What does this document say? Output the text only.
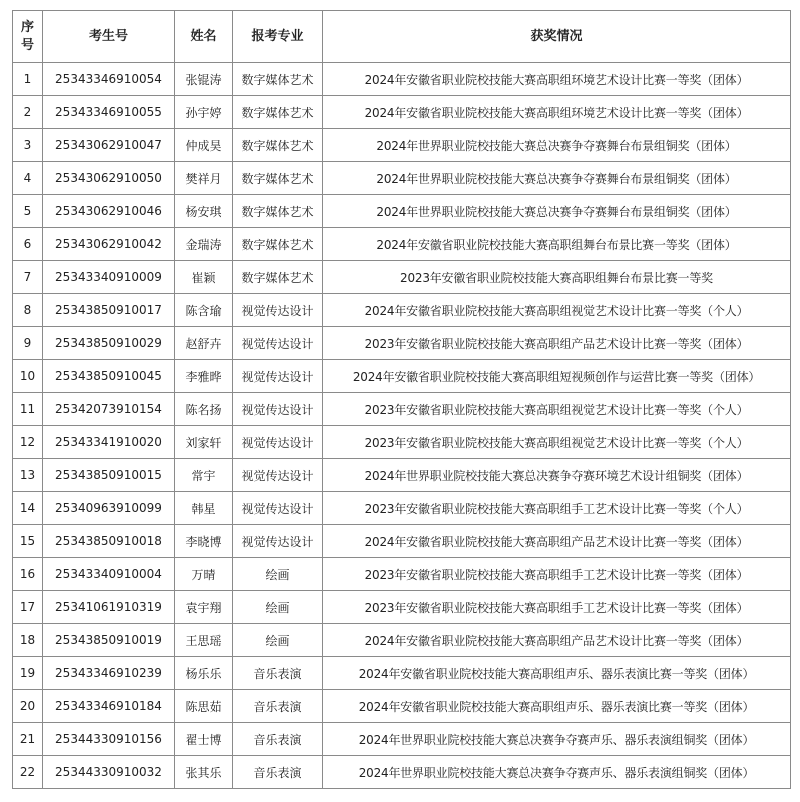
序
号	考生号	姓名	报考专业	获奖情况
1	25343346910054	张锟涛	数字媒体艺术	2024年安徽省职业院校技能大赛高职组环境艺术设计比赛一等奖（团体）
2	25343346910055	孙宇婷	数字媒体艺术	2024年安徽省职业院校技能大赛高职组环境艺术设计比赛一等奖（团体）
3	25343062910047	仲成昊	数字媒体艺术	2024年世界职业院校技能大赛总决赛争夺赛舞台布景组铜奖（团体）
4	25343062910050	樊祥月	数字媒体艺术	2024年世界职业院校技能大赛总决赛争夺赛舞台布景组铜奖（团体）
5	25343062910046	杨安琪	数字媒体艺术	2024年世界职业院校技能大赛总决赛争夺赛舞台布景组铜奖（团体）
6	25343062910042	金瑞涛	数字媒体艺术	2024年安徽省职业院校技能大赛高职组舞台布景比赛一等奖（团体）
7	25343340910009	崔颖	数字媒体艺术	2023年安徽省职业院校技能大赛高职组舞台布景比赛一等奖
8	25343850910017	陈含瑜	视觉传达设计	2024年安徽省职业院校技能大赛高职组视觉艺术设计比赛一等奖（个人）
9	25343850910029	赵舒卉	视觉传达设计	2023年安徽省职业院校技能大赛高职组产品艺术设计比赛一等奖（团体）
10	25343850910045	李雅晔	视觉传达设计	2024年安徽省职业院校技能大赛高职组短视频创作与运营比赛一等奖（团体）
11	25342073910154	陈名扬	视觉传达设计	2023年安徽省职业院校技能大赛高职组视觉艺术设计比赛一等奖（个人）
12	25343341910020	刘家轩	视觉传达设计	2023年安徽省职业院校技能大赛高职组视觉艺术设计比赛一等奖（个人）
13	25343850910015	常宇	视觉传达设计	2024年世界职业院校技能大赛总决赛争夺赛环境艺术设计组铜奖（团体）
14	25340963910099	韩星	视觉传达设计	2023年安徽省职业院校技能大赛高职组手工艺术设计比赛一等奖（个人）
15	25343850910018	李晓博	视觉传达设计	2024年安徽省职业院校技能大赛高职组产品艺术设计比赛一等奖（团体）
16	25343340910004	万晴	绘画	2023年安徽省职业院校技能大赛高职组手工艺术设计比赛一等奖（团体）
17	25341061910319	袁宇翔	绘画	2023年安徽省职业院校技能大赛高职组手工艺术设计比赛一等奖（团体）
18	25343850910019	王思瑶	绘画	2024年安徽省职业院校技能大赛高职组产品艺术设计比赛一等奖（团体）
19	25343346910239	杨乐乐	音乐表演	2024年安徽省职业院校技能大赛高职组声乐、器乐表演比赛一等奖（团体）
20	25343346910184	陈思茹	音乐表演	2024年安徽省职业院校技能大赛高职组声乐、器乐表演比赛一等奖（团体）
21	25344330910156	翟士博	音乐表演	2024年世界职业院校技能大赛总决赛争夺赛声乐、器乐表演组铜奖（团体）
22	25344330910032	张其乐	音乐表演	2024年世界职业院校技能大赛总决赛争夺赛声乐、器乐表演组铜奖（团体）
